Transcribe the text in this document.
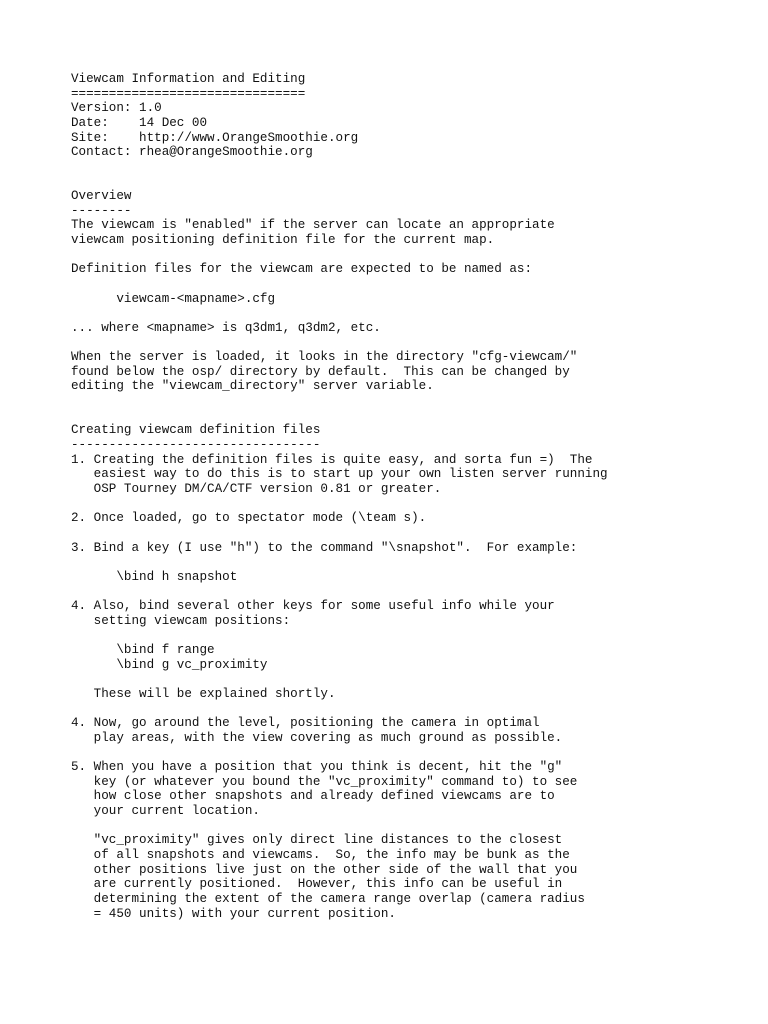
Viewcam Information and Editing
===============================
Version: 1.0
Date:    14 Dec 00
Site:    http://www.OrangeSmoothie.org
Contact: rhea@OrangeSmoothie.org
Overview
--------
The viewcam is "enabled" if the server can locate an appropriate
viewcam positioning definition file for the current map.
Definition files for the viewcam are expected to be named as:
viewcam-<mapname>.cfg
... where <mapname> is q3dm1, q3dm2, etc.
When the server is loaded, it looks in the directory "cfg-viewcam/"
found below the osp/ directory by default.  This can be changed by
editing the "viewcam_directory" server variable.
Creating viewcam definition files
---------------------------------
1. Creating the definition files is quite easy, and sorta fun =)  The
easiest way to do this is to start up your own listen server running
OSP Tourney DM/CA/CTF version 0.81 or greater.
2. Once loaded, go to spectator mode (\team s).
3. Bind a key (I use "h") to the command "\snapshot".  For example:
\bind h snapshot
4. Also, bind several other keys for some useful info while your
setting viewcam positions:
\bind f range
\bind g vc_proximity
These will be explained shortly.
4. Now, go around the level, positioning the camera in optimal
play areas, with the view covering as much ground as possible.
5. When you have a position that you think is decent, hit the "g"
key (or whatever you bound the "vc_proximity" command to) to see
how close other snapshots and already defined viewcams are to
your current location.
"vc_proximity" gives only direct line distances to the closest
of all snapshots and viewcams.  So, the info may be bunk as the
other positions live just on the other side of the wall that you
are currently positioned.  However, this info can be useful in
determining the extent of the camera range overlap (camera radius
= 450 units) with your current position.
